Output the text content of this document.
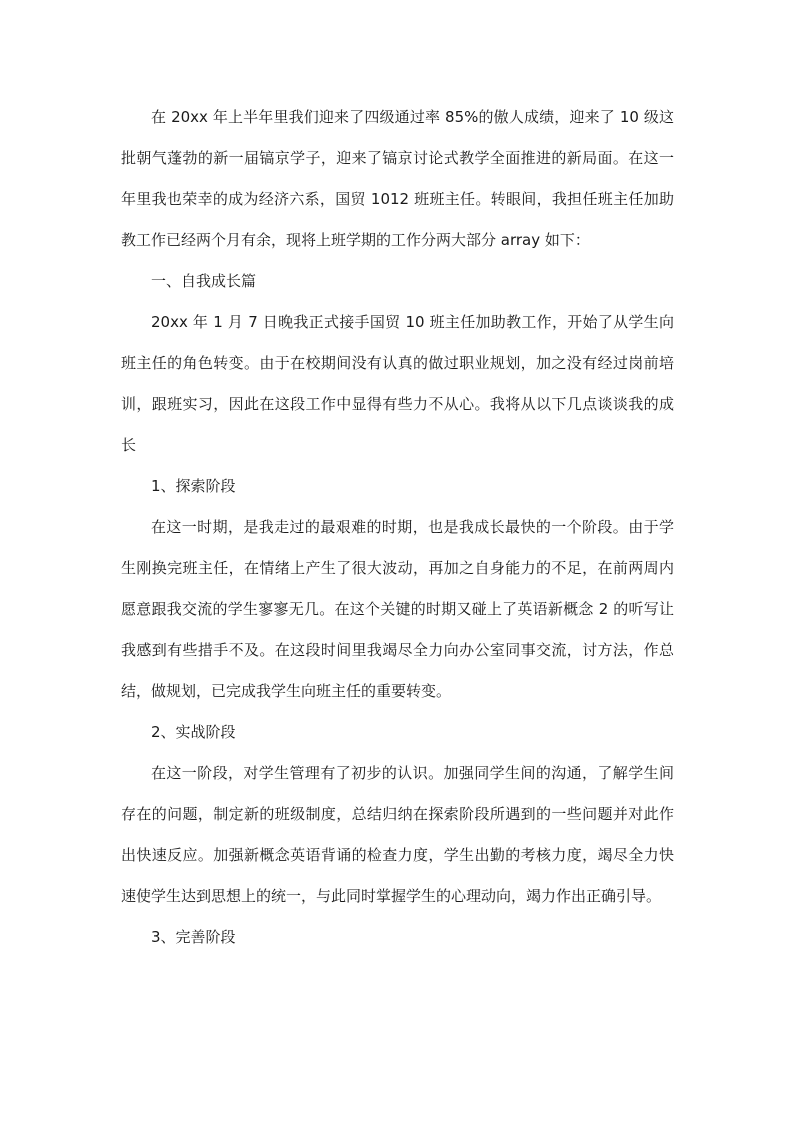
在 20xx 年上半年里我们迎来了四级通过率 85%的傲人成绩，迎来了 10 级这批朝气蓬勃的新一届镐京学子，迎来了镐京讨论式教学全面推进的新局面。在这一年里我也荣幸的成为经济六系，国贸 1012 班班主任。转眼间，我担任班主任加助教工作已经两个月有余，现将上班学期的工作分两大部分 array 如下：

一、自我成长篇

20xx 年 1 月 7 日晚我正式接手国贸 10 班主任加助教工作，开始了从学生向班主任的角色转变。由于在校期间没有认真的做过职业规划，加之没有经过岗前培训，跟班实习，因此在这段工作中显得有些力不从心。我将从以下几点谈谈我的成长

1、探索阶段

在这一时期，是我走过的最艰难的时期，也是我成长最快的一个阶段。由于学生刚换完班主任，在情绪上产生了很大波动，再加之自身能力的不足，在前两周内愿意跟我交流的学生寥寥无几。在这个关键的时期又碰上了英语新概念 2 的听写让我感到有些措手不及。在这段时间里我竭尽全力向办公室同事交流，讨方法，作总结，做规划，已完成我学生向班主任的重要转变。

2、实战阶段

在这一阶段，对学生管理有了初步的认识。加强同学生间的沟通，了解学生间存在的问题，制定新的班级制度，总结归纳在探索阶段所遇到的一些问题并对此作出快速反应。加强新概念英语背诵的检查力度，学生出勤的考核力度，竭尽全力快速使学生达到思想上的统一，与此同时掌握学生的心理动向，竭力作出正确引导。

3、完善阶段
